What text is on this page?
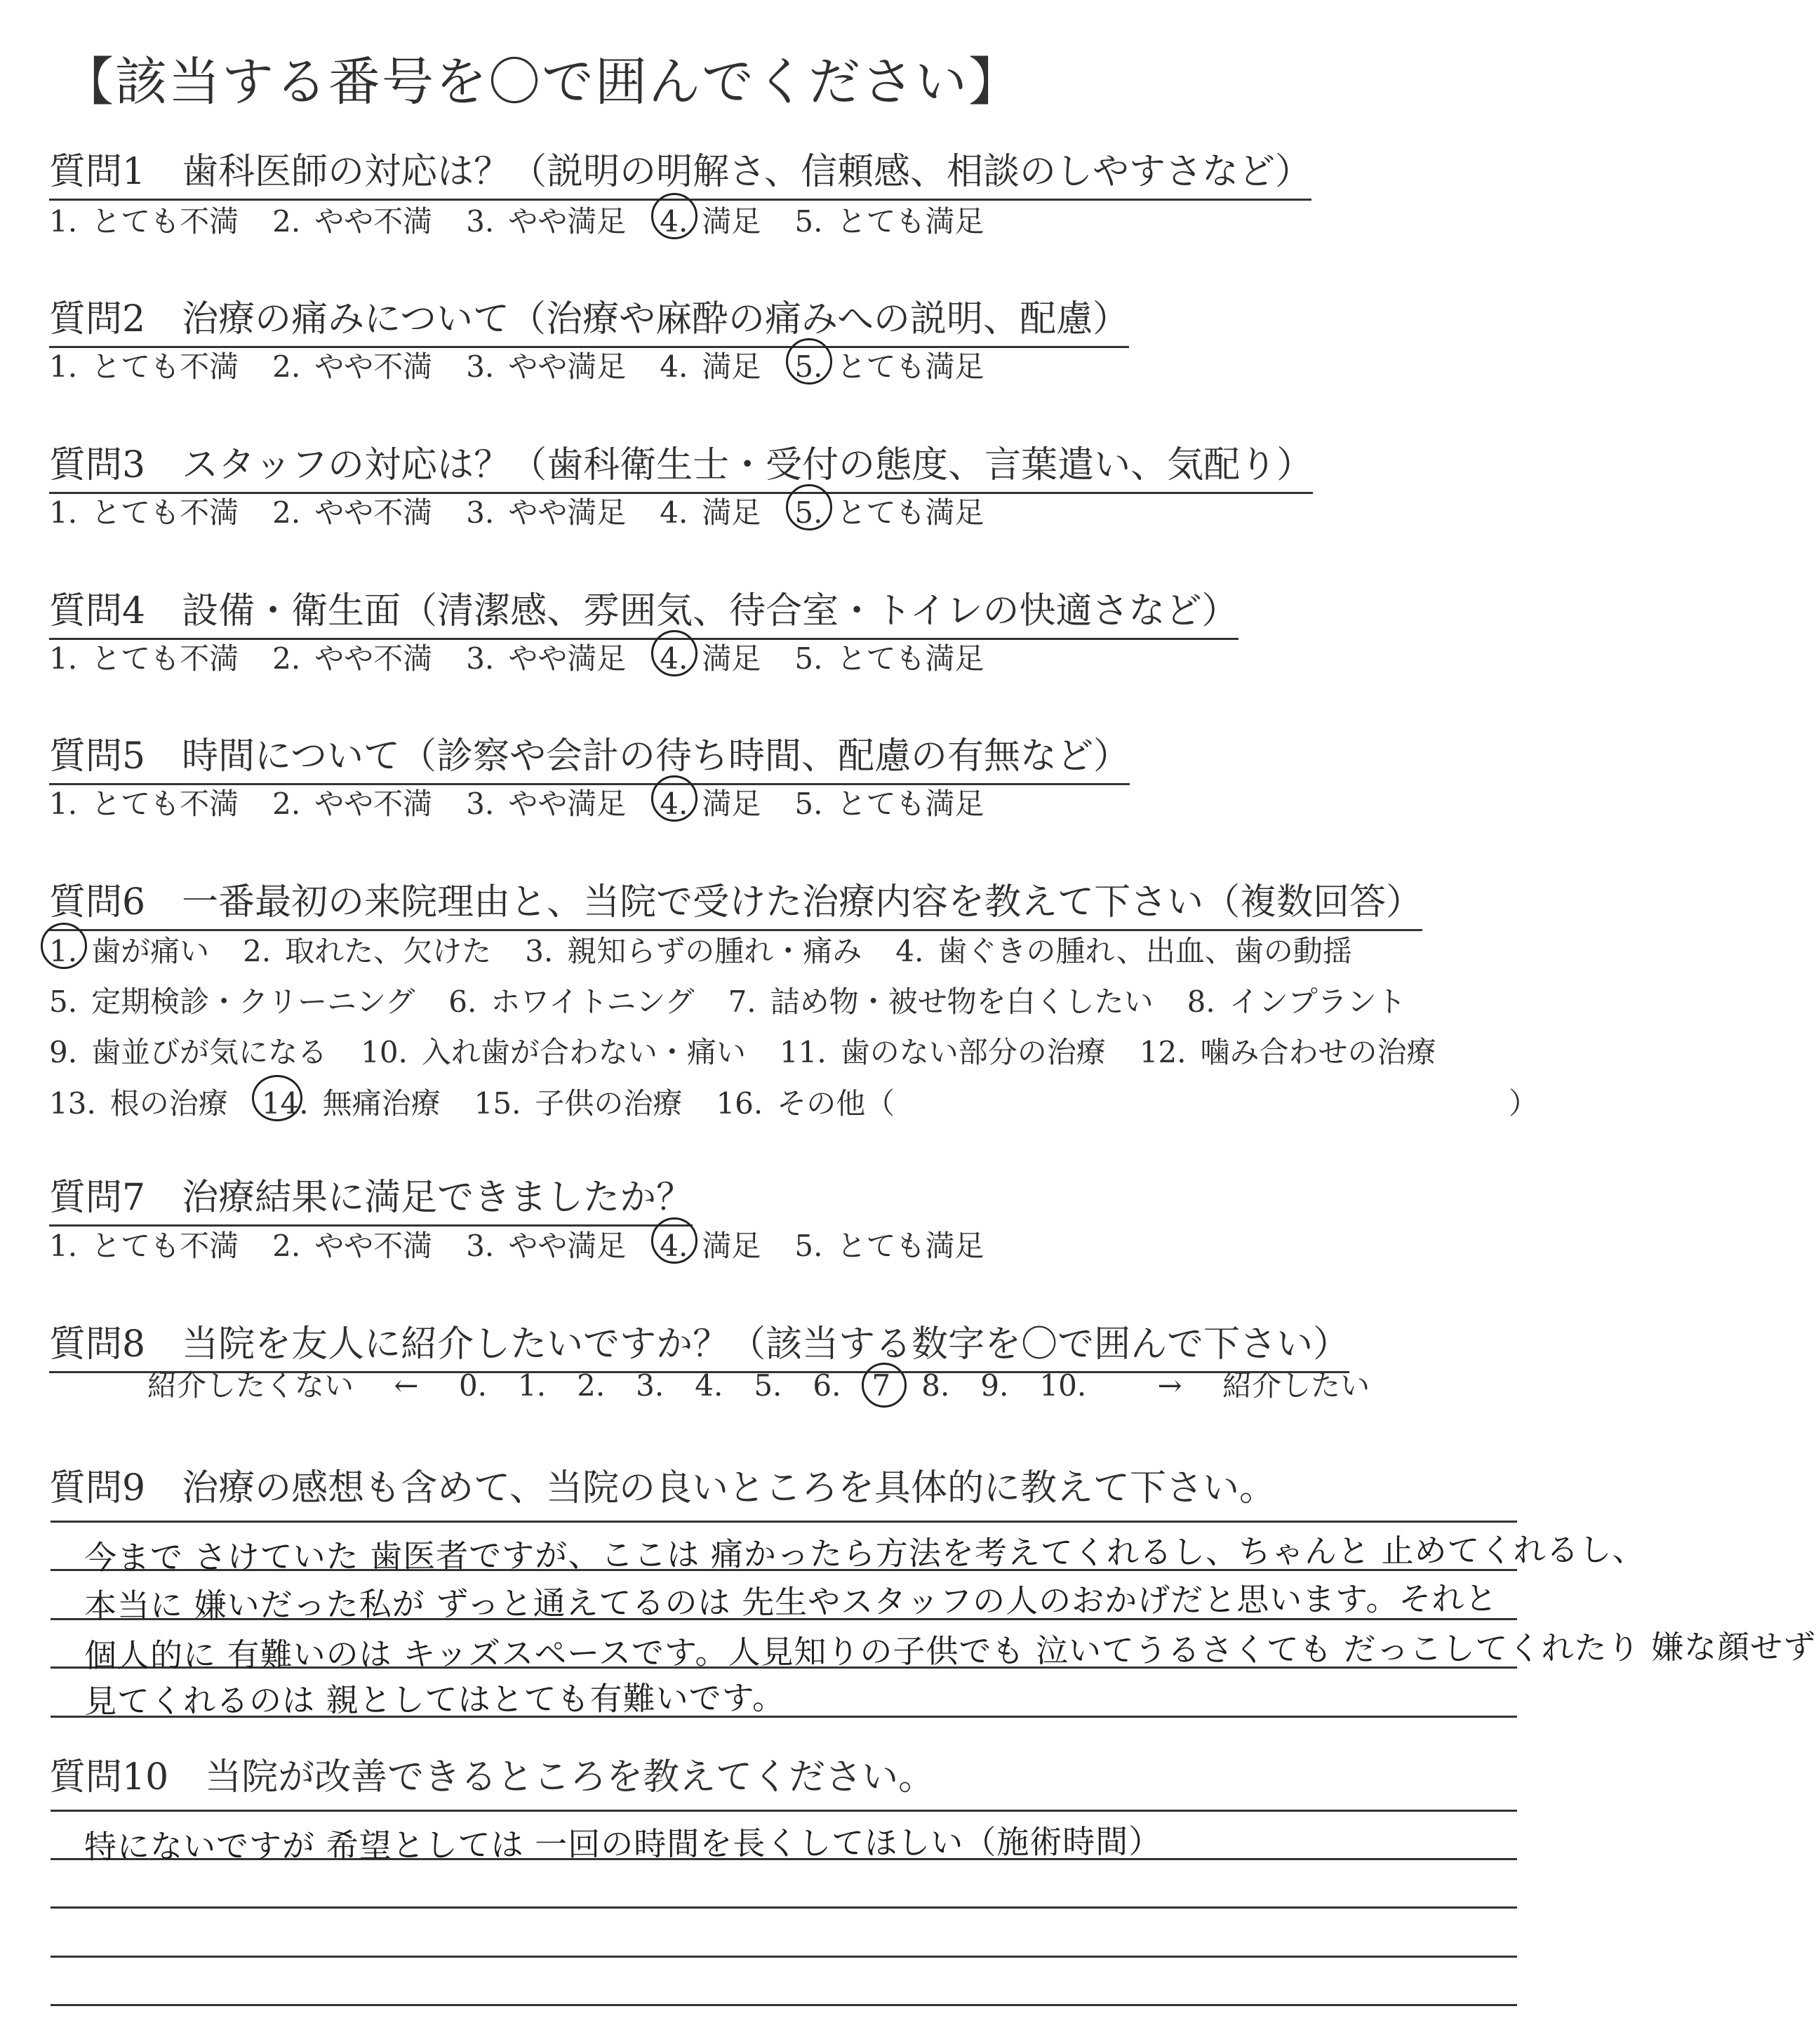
【該当する番号を〇で囲んでください】
質問1　歯科医師の対応は？（説明の明解さ、信頼感、相談のしやすさなど）
1. とても不満 2. やや不満 3. やや満足 4. 満足 5. とても満足
質問2　治療の痛みについて（治療や麻酔の痛みへの説明、配慮）
1. とても不満 2. やや不満 3. やや満足 4. 満足 5. とても満足
質問3　スタッフの対応は？（歯科衛生士・受付の態度、言葉遣い、気配り）
1. とても不満 2. やや不満 3. やや満足 4. 満足 5. とても満足
質問4　設備・衛生面（清潔感、雰囲気、待合室・トイレの快適さなど）
1. とても不満 2. やや不満 3. やや満足 4. 満足 5. とても満足
質問5　時間について（診察や会計の待ち時間、配慮の有無など）
1. とても不満 2. やや不満 3. やや満足 4. 満足 5. とても満足
質問6　一番最初の来院理由と、当院で受けた治療内容を教えて下さい（複数回答）
1. 歯が痛い 2. 取れた、欠けた 3. 親知らずの腫れ・痛み 4. 歯ぐきの腫れ、出血、歯の動揺
5. 定期検診・クリーニング 6. ホワイトニング 7. 詰め物・被せ物を白くしたい 8. インプラント
9. 歯並びが気になる 10. 入れ歯が合わない・痛い 11. 歯のない部分の治療 12. 噛み合わせの治療
13. 根の治療 14. 無痛治療 15. 子供の治療 16. その他（	）
質問7　治療結果に満足できましたか？
1. とても不満 2. やや不満 3. やや満足 4. 満足 5. とても満足
質問8　当院を友人に紹介したいですか？（該当する数字を〇で囲んで下さい）
紹介したくない ← 0. 1. 2. 3. 4. 5. 6. 7 8. 9. 10. → 紹介したい
質問9　治療の感想も含めて、当院の良いところを具体的に教えて下さい。
今まで さけていた 歯医者ですが、ここは 痛かったら方法を考えてくれるし、ちゃんと 止めてくれるし、
本当に 嫌いだった私が ずっと通えてるのは 先生やスタッフの人のおかげだと思います。それと
個人的に 有難いのは キッズスペースです。人見知りの子供でも 泣いてうるさくても だっこしてくれたり 嫌な顔せず
見てくれるのは 親としてはとても有難いです。
質問10　当院が改善できるところを教えてください。
特にないですが 希望としては 一回の時間を長くしてほしい（施術時間）
